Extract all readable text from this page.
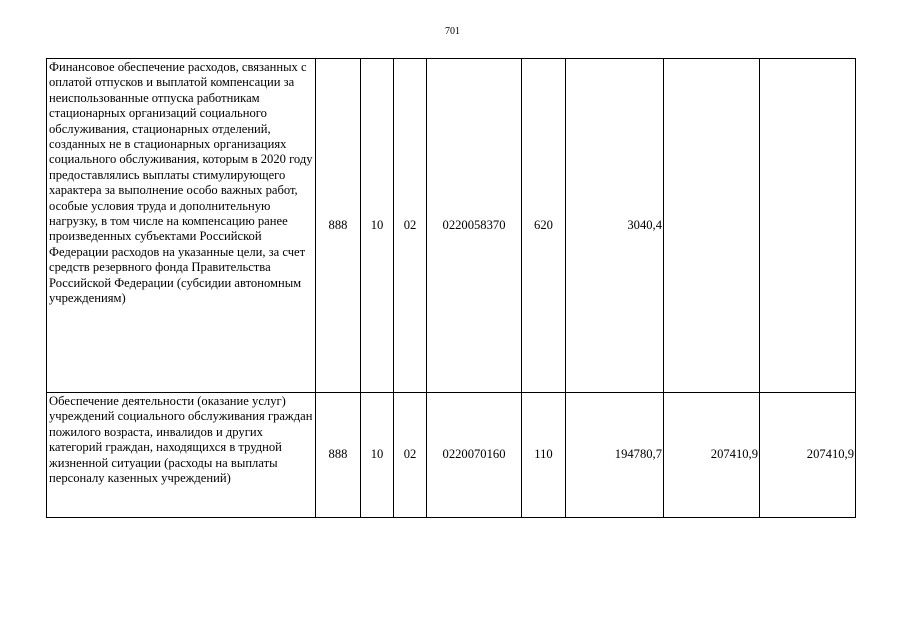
701
Финансовое обеспечение расходов, связанных с оплатой отпусков и выплатой компенсации за неиспользованные отпуска работникам стационарных организаций социального обслуживания, стационарных отделений, созданных не в стационарных организациях социального обслуживания, которым в 2020 году предоставлялись выплаты стимулирующего характера за выполнение особо важных работ, особые условия труда и дополнительную нагрузку, в том числе на компенсацию ранее произведенных субъектами Российской Федерации расходов на указанные цели, за счет средств резервного фонда Правительства Российской Федерации (субсидии автономным учреждениям)	888	10	02	0220058370	620	3040,4		
Обеспечение деятельности (оказание услуг) учреждений социального обслуживания граждан пожилого возраста, инвалидов и других категорий граждан, находящихся в трудной жизненной ситуации (расходы на выплаты персоналу казенных учреждений)	888	10	02	0220070160	110	194780,7	207410,9	207410,9
